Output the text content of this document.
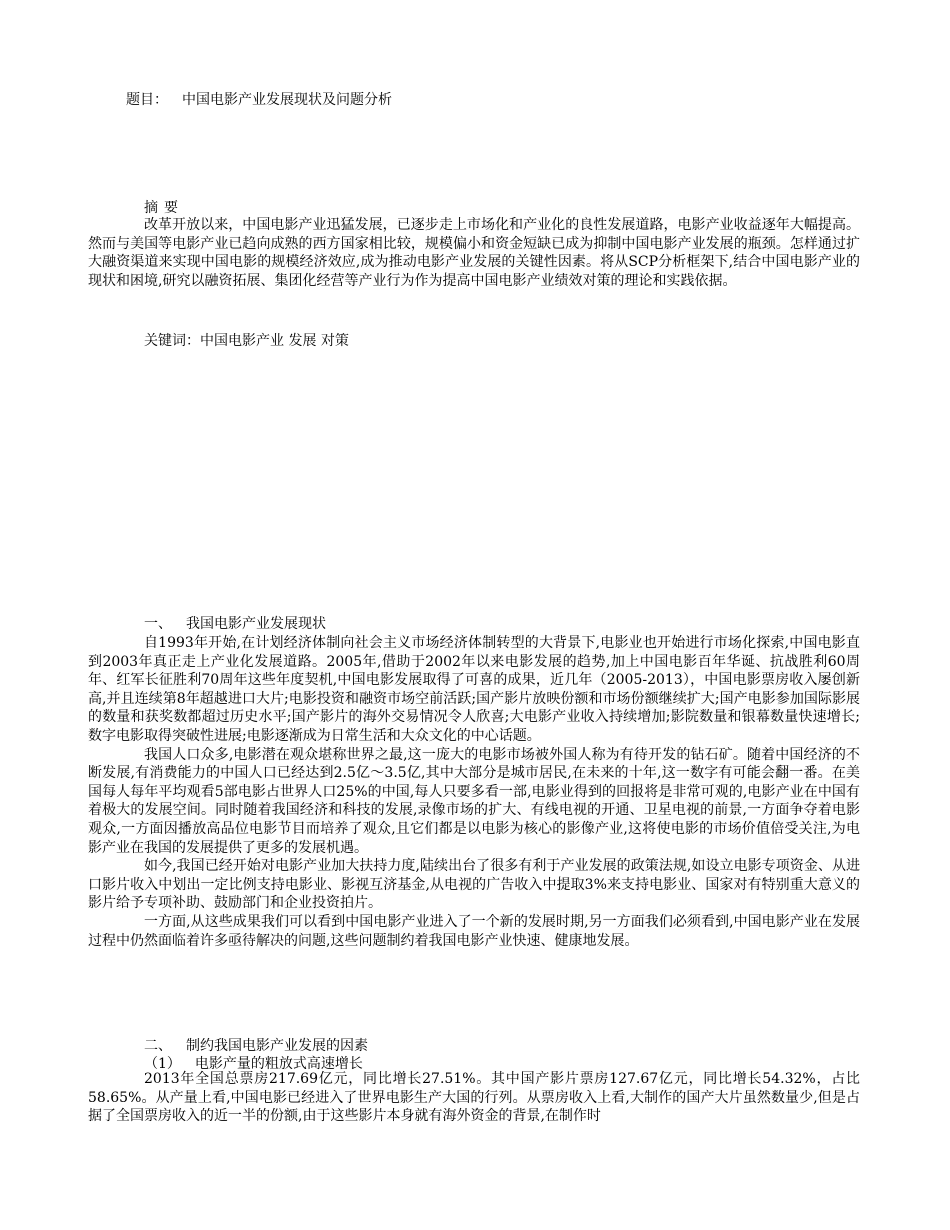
题目： 中国电影产业发展现状及问题分析
摘要

改革开放以来，中国电影产业迅猛发展，已逐步走上市场化和产业化的良性发展道路，电影产业收益逐年大幅提高。然而与美国等电影产业已趋向成熟的西方国家相比较，规模偏小和资金短缺已成为抑制中国电影产业发展的瓶颈。怎样通过扩大融资渠道来实现中国电影的规模经济效应,成为推动电影产业发展的关键性因素。将从SCP分析框架下,结合中国电影产业的现状和困境,研究以融资拓展、集团化经营等产业行为作为提高中国电影产业绩效对策的理论和实践依据。

关键词：中国电影产业 发展 对策
一、 我国电影产业发展现状

自1993年开始,在计划经济体制向社会主义市场经济体制转型的大背景下,电影业也开始进行市场化探索,中国电影直到2003年真正走上产业化发展道路。2005年,借助于2002年以来电影发展的趋势,加上中国电影百年华诞、抗战胜利60周年、红军长征胜利70周年这些年度契机,中国电影发展取得了可喜的成果，近几年（2005-2013），中国电影票房收入屡创新高,并且连续第8年超越进口大片;电影投资和融资市场空前活跃;国产影片放映份额和市场份额继续扩大;国产电影参加国际影展的数量和获奖数都超过历史水平;国产影片的海外交易情况令人欣喜;大电影产业收入持续增加;影院数量和银幕数量快速增长;数字电影取得突破性进展;电影逐渐成为日常生活和大众文化的中心话题。

我国人口众多,电影潜在观众堪称世界之最,这一庞大的电影市场被外国人称为有待开发的钻石矿。随着中国经济的不断发展,有消费能力的中国人口已经达到2.5亿～3.5亿,其中大部分是城市居民,在未来的十年,这一数字有可能会翻一番。在美国每人每年平均观看5部电影占世界人口25%的中国,每人只要多看一部,电影业得到的回报将是非常可观的,电影产业在中国有着极大的发展空间。同时随着我国经济和科技的发展,录像市场的扩大、有线电视的开通、卫星电视的前景,一方面争夺着电影观众,一方面因播放高品位电影节目而培养了观众,且它们都是以电影为核心的影像产业,这将使电影的市场价值倍受关注,为电影产业在我国的发展提供了更多的发展机遇。

如今,我国已经开始对电影产业加大扶持力度,陆续出台了很多有利于产业发展的政策法规,如设立电影专项资金、从进口影片收入中划出一定比例支持电影业、影视互济基金,从电视的广告收入中提取3%来支持电影业、国家对有特别重大意义的影片给予专项补助、鼓励部门和企业投资拍片。

一方面,从这些成果我们可以看到中国电影产业进入了一个新的发展时期,另一方面我们必须看到,中国电影产业在发展过程中仍然面临着许多亟待解决的问题,这些问题制约着我国电影产业快速、健康地发展。

二、 制约我国电影产业发展的因素
（1） 电影产量的粗放式高速增长

2013年全国总票房217.69亿元，同比增长27.51%。其中国产影片票房127.67亿元，同比增长54.32%，占比58.65%。从产量上看,中国电影已经进入了世界电影生产大国的行列。从票房收入上看,大制作的国产大片虽然数量少,但是占据了全国票房收入的近一半的份额,由于这些影片本身就有海外资金的背景,在制作时
